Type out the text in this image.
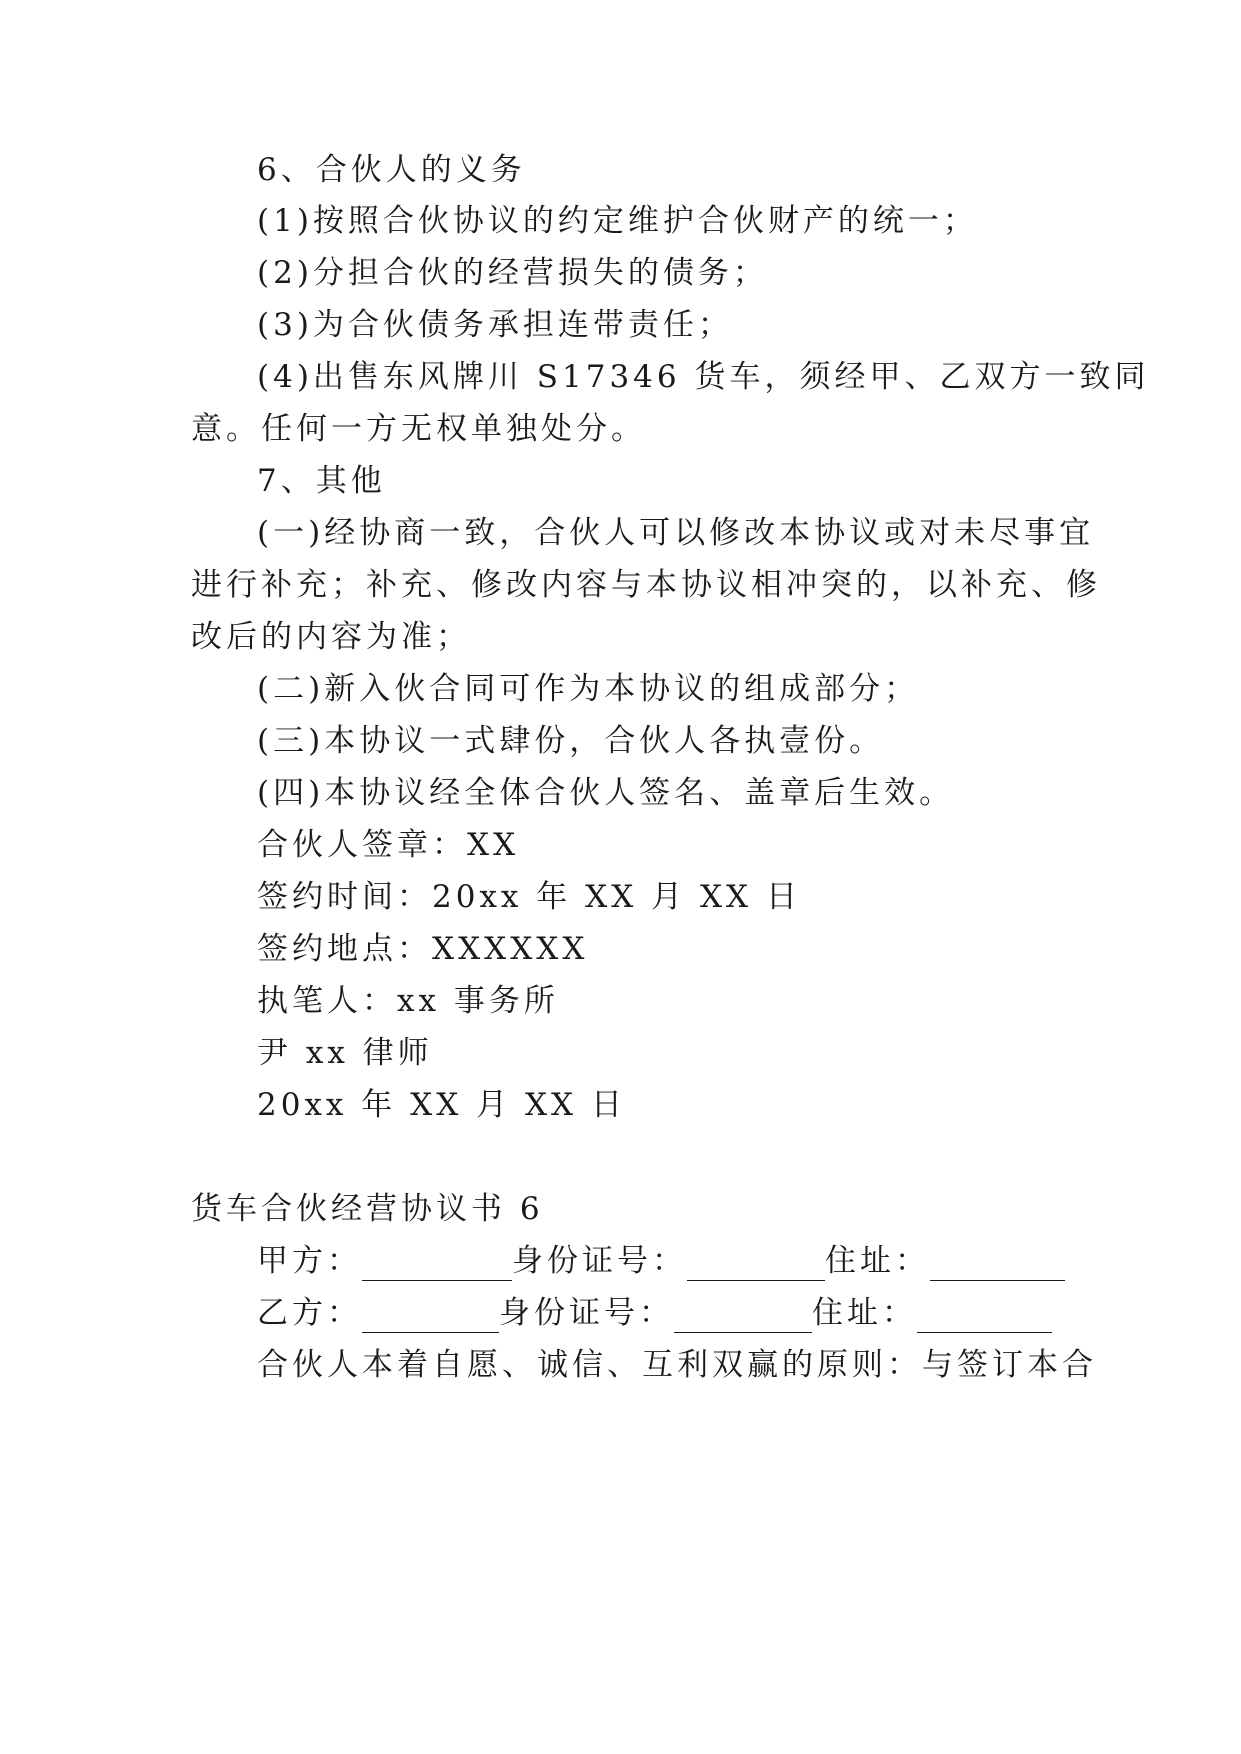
6、合伙人的义务
(1)按照合伙协议的约定维护合伙财产的统一；
(2)分担合伙的经营损失的债务；
(3)为合伙债务承担连带责任；
(4)出售东风牌川 S17346 货车，须经甲、乙双方一致同
意。任何一方无权单独处分。
7、其他
(一)经协商一致，合伙人可以修改本协议或对未尽事宜
进行补充；补充、修改内容与本协议相冲突的，以补充、修
改后的内容为准；
(二)新入伙合同可作为本协议的组成部分；
(三)本协议一式肆份，合伙人各执壹份。
(四)本协议经全体合伙人签名、盖章后生效。
合伙人签章：XX
签约时间：20xx 年 XX 月 XX 日
签约地点：XXXXXX
执笔人：xx 事务所
尹 xx 律师
20xx 年 XX 月 XX 日
货车合伙经营协议书 6
甲方：	身份证号：	住址：
乙方：	身份证号：	住址：
合伙人本着自愿、诚信、互利双赢的原则：与签订本合
